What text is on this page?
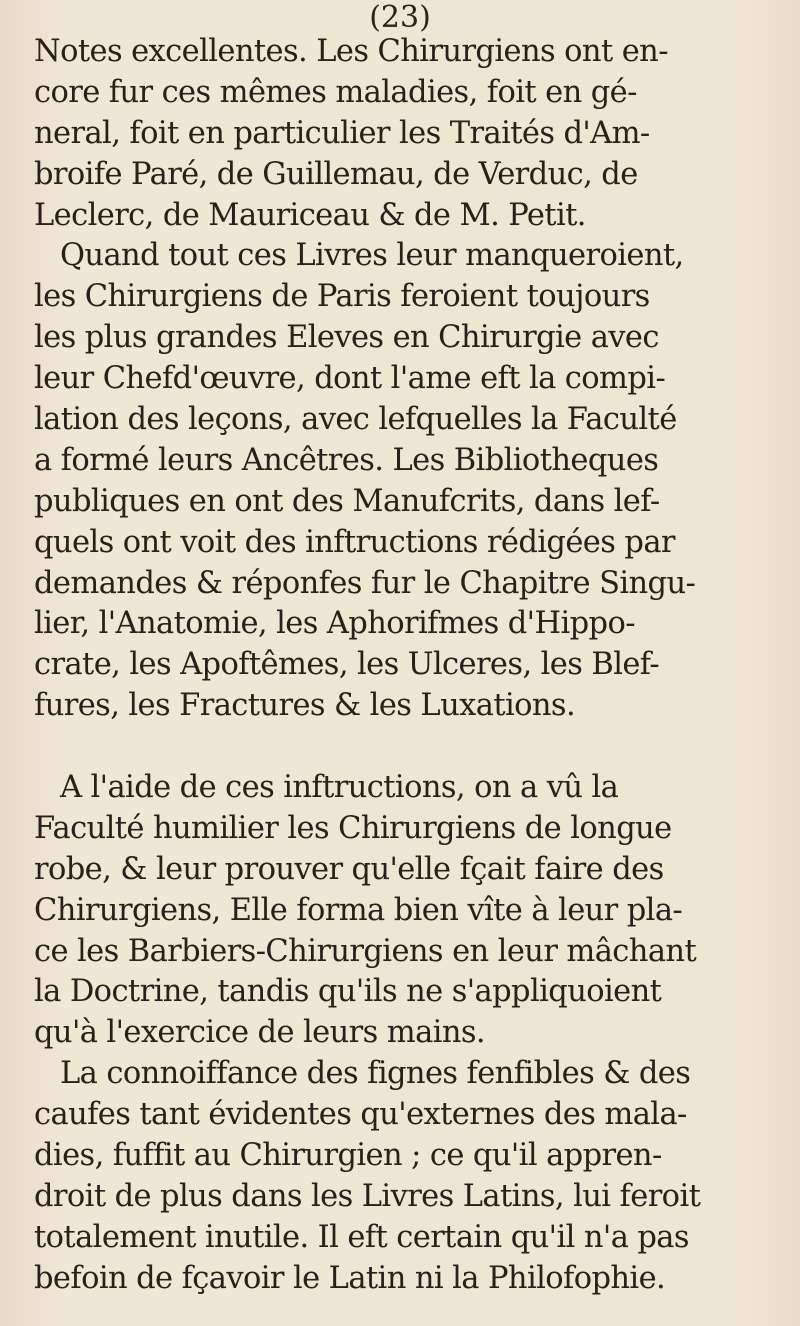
(23)
Notes excellentes. Les Chirurgiens ont en-
core fur ces mêmes maladies, foit en gé-
neral, foit en particulier les Traités d'Am-
broife Paré, de Guillemau, de Verduc, de
Leclerc, de Mauriceau & de M. Petit.
Quand tout ces Livres leur manqueroient,
les Chirurgiens de Paris feroient toujours
les plus grandes Eleves en Chirurgie avec
leur Chefd'œuvre, dont l'ame eft la compi-
lation des leçons, avec lefquelles la Faculté
a formé leurs Ancêtres. Les Bibliotheques
publiques en ont des Manufcrits, dans lef-
quels ont voit des inftructions rédigées par
demandes & réponfes fur le Chapitre Singu-
lier, l'Anatomie, les Aphorifmes d'Hippo-
crate, les Apoftêmes, les Ulceres, les Blef-
fures, les Fractures & les Luxations.
A l'aide de ces inftructions, on a vû la
Faculté humilier les Chirurgiens de longue
robe, & leur prouver qu'elle fçait faire des
Chirurgiens, Elle forma bien vîte à leur pla-
ce les Barbiers-Chirurgiens en leur mâchant
la Doctrine, tandis qu'ils ne s'appliquoient
qu'à l'exercice de leurs mains.
La connoiffance des fignes fenfibles & des
caufes tant évidentes qu'externes des mala-
dies, fuffit au Chirurgien ; ce qu'il appren-
droit de plus dans les Livres Latins, lui feroit
totalement inutile. Il eft certain qu'il n'a pas
befoin de fçavoir le Latin ni la Philofophie.
